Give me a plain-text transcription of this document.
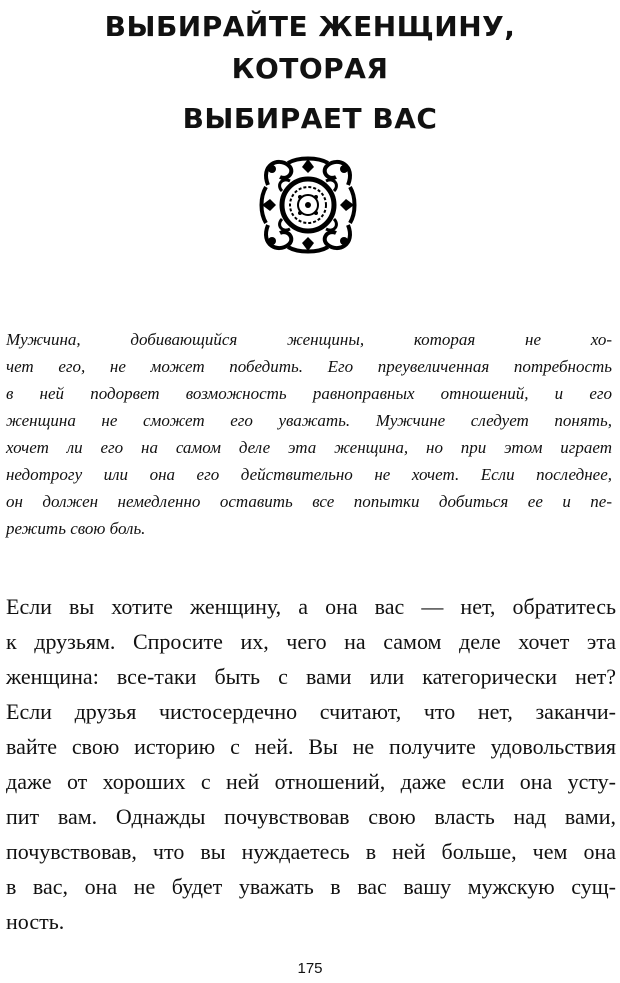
ВЫБИРАЙТЕ ЖЕНЩИНУ,
КОТОРАЯ
ВЫБИРАЕТ ВАС
Мужчина, добивающийся женщины, которая не хо-
чет его, не может победить. Его преувеличенная потребность
в ней подорвет возможность равноправных отношений, и его
женщина не сможет его уважать. Мужчине следует понять,
хочет ли его на самом деле эта женщина, но при этом играет
недотрогу или она его действительно не хочет. Если последнее,
он должен немедленно оставить все попытки добиться ее и пе-
режить свою боль.
Если вы хотите женщину, а она вас — нет, обратитесь
к друзьям. Спросите их, чего на самом деле хочет эта
женщина: все-таки быть с вами или категорически нет?
Если друзья чистосердечно считают, что нет, заканчи-
вайте свою историю с ней. Вы не получите удовольствия
даже от хороших с ней отношений, даже если она усту-
пит вам. Однажды почувствовав свою власть над вами,
почувствовав, что вы нуждаетесь в ней больше, чем она
в вас, она не будет уважать в вас вашу мужскую сущ-
ность.
175
